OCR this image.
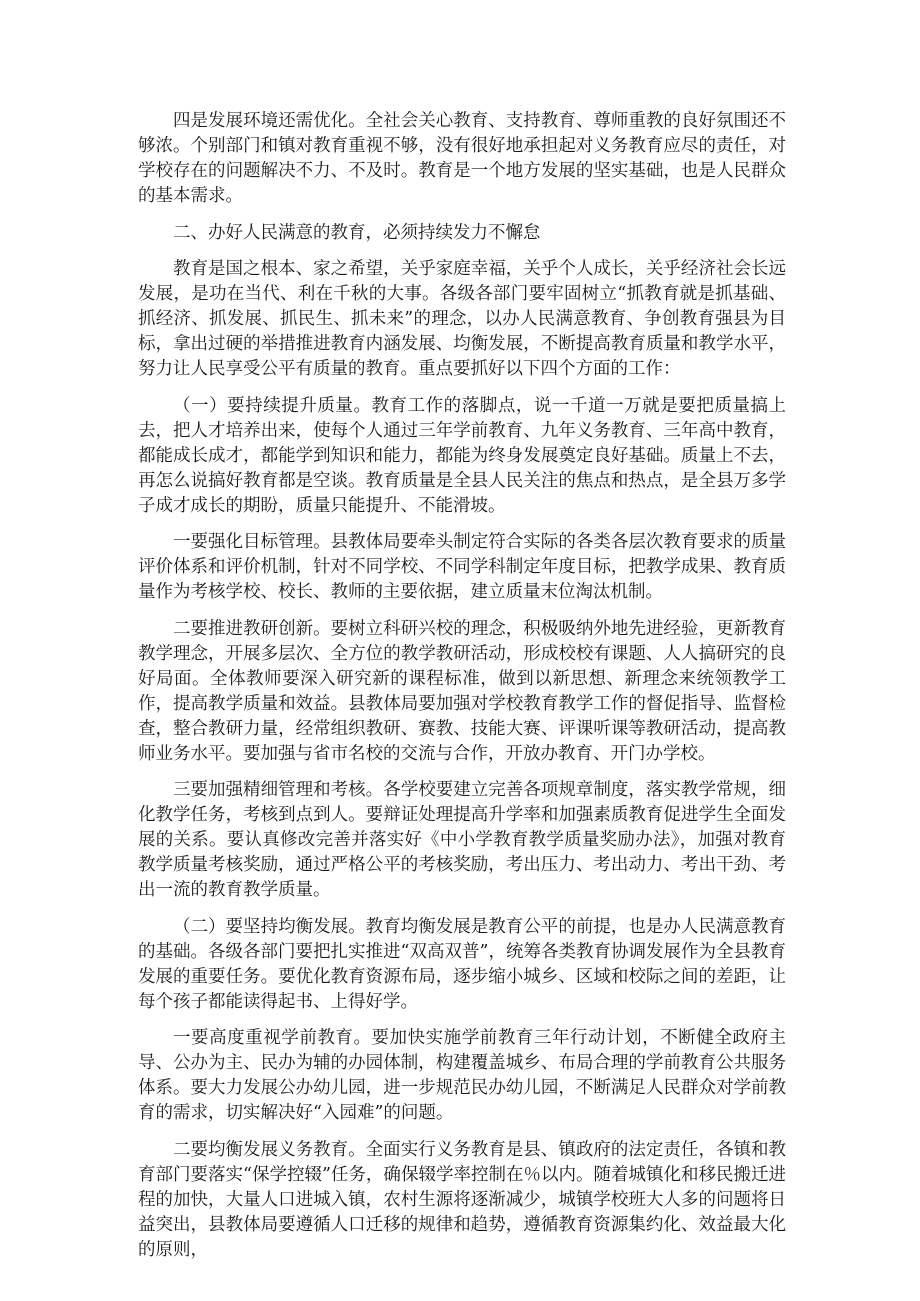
四是发展环境还需优化。全社会关心教育、支持教育、尊师重教的良好氛围还不够浓。个别部门和镇对教育重视不够，没有很好地承担起对义务教育应尽的责任，对学校存在的问题解决不力、不及时。教育是一个地方发展的坚实基础，也是人民群众的基本需求。

二、办好人民满意的教育，必须持续发力不懈怠

教育是国之根本、家之希望，关乎家庭幸福，关乎个人成长，关乎经济社会长远发展，是功在当代、利在千秋的大事。各级各部门要牢固树立“抓教育就是抓基础、抓经济、抓发展、抓民生、抓未来”的理念，以办人民满意教育、争创教育强县为目标，拿出过硬的举措推进教育内涵发展、均衡发展，不断提高教育质量和教学水平，努力让人民享受公平有质量的教育。重点要抓好以下四个方面的工作：

（一）要持续提升质量。教育工作的落脚点，说一千道一万就是要把质量搞上去，把人才培养出来，使每个人通过三年学前教育、九年义务教育、三年高中教育，都能成长成才，都能学到知识和能力，都能为终身发展奠定良好基础。质量上不去，再怎么说搞好教育都是空谈。教育质量是全县人民关注的焦点和热点，是全县万多学子成才成长的期盼，质量只能提升、不能滑坡。

一要强化目标管理。县教体局要牵头制定符合实际的各类各层次教育要求的质量评价体系和评价机制，针对不同学校、不同学科制定年度目标，把教学成果、教育质量作为考核学校、校长、教师的主要依据，建立质量末位淘汰机制。

二要推进教研创新。要树立科研兴校的理念，积极吸纳外地先进经验，更新教育教学理念，开展多层次、全方位的教学教研活动，形成校校有课题、人人搞研究的良好局面。全体教师要深入研究新的课程标准，做到以新思想、新理念来统领教学工作，提高教学质量和效益。县教体局要加强对学校教育教学工作的督促指导、监督检查，整合教研力量，经常组织教研、赛教、技能大赛、评课听课等教研活动，提高教师业务水平。要加强与省市名校的交流与合作，开放办教育、开门办学校。

三要加强精细管理和考核。各学校要建立完善各项规章制度，落实教学常规，细化教学任务，考核到点到人。要辩证处理提高升学率和加强素质教育促进学生全面发展的关系。要认真修改完善并落实好《中小学教育教学质量奖励办法》，加强对教育教学质量考核奖励，通过严格公平的考核奖励，考出压力、考出动力、考出干劲、考出一流的教育教学质量。

（二）要坚持均衡发展。教育均衡发展是教育公平的前提，也是办人民满意教育的基础。各级各部门要把扎实推进“双高双普”，统筹各类教育协调发展作为全县教育发展的重要任务。要优化教育资源布局，逐步缩小城乡、区域和校际之间的差距，让每个孩子都能读得起书、上得好学。

一要高度重视学前教育。要加快实施学前教育三年行动计划，不断健全政府主导、公办为主、民办为辅的办园体制，构建覆盖城乡、布局合理的学前教育公共服务体系。要大力发展公办幼儿园，进一步规范民办幼儿园，不断满足人民群众对学前教育的需求，切实解决好“入园难”的问题。

二要均衡发展义务教育。全面实行义务教育是县、镇政府的法定责任，各镇和教育部门要落实“保学控辍”任务，确保辍学率控制在％以内。随着城镇化和移民搬迁进程的加快，大量人口进城入镇，农村生源将逐渐减少，城镇学校班大人多的问题将日益突出，县教体局要遵循人口迁移的规律和趋势，遵循教育资源集约化、效益最大化的原则，
